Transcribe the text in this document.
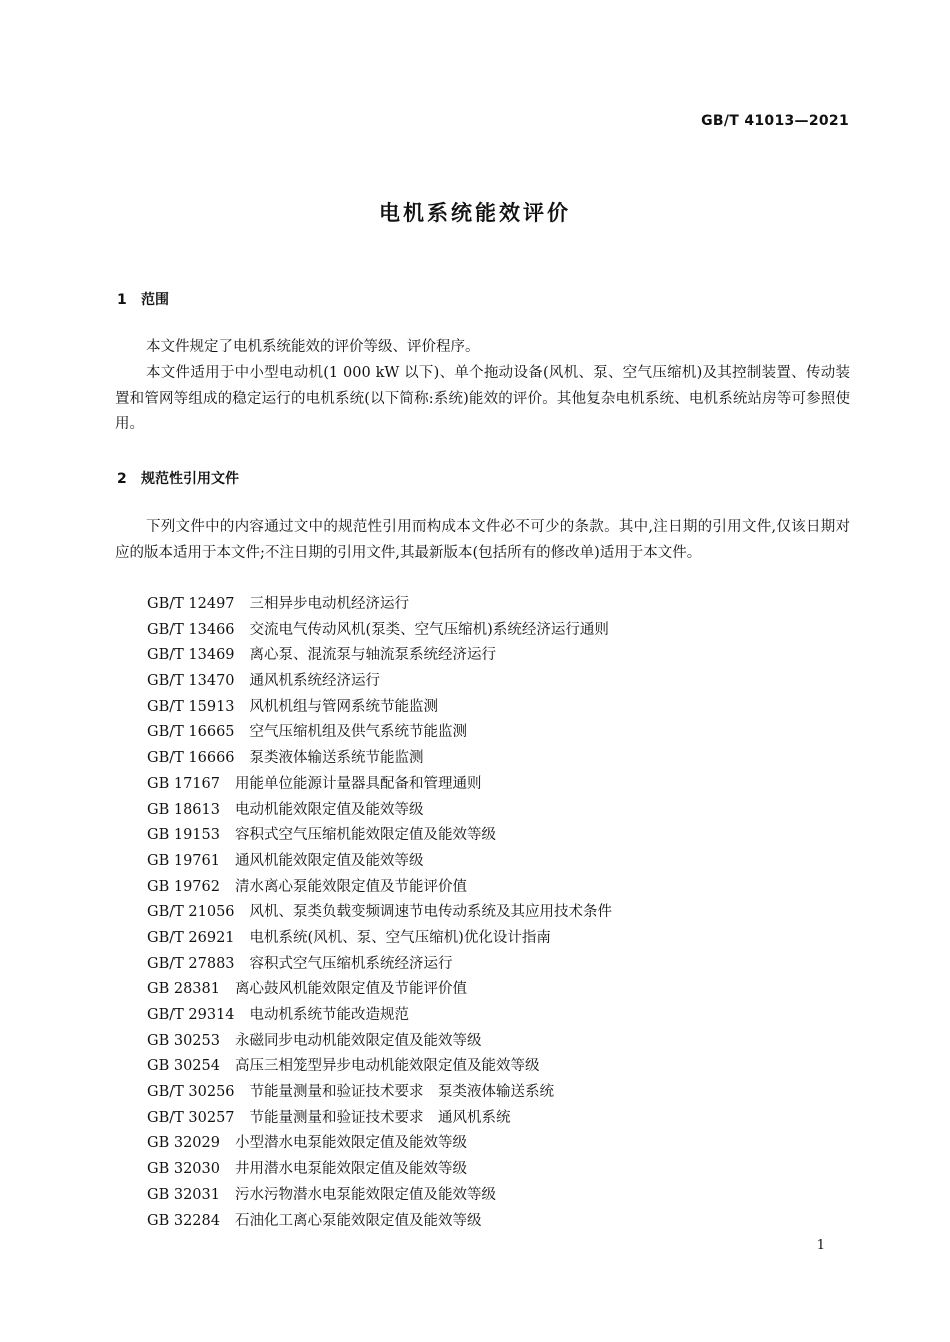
GB/T 41013—2021
电机系统能效评价
1 范围

本文件规定了电机系统能效的评价等级、评价程序。

本文件适用于中小型电动机(1 000 kW 以下)、单个拖动设备(风机、泵、空气压缩机)及其控制装置、传动装置和管网等组成的稳定运行的电机系统(以下简称:系统)能效的评价。其他复杂电机系统、电机系统站房等可参照使用。

2 规范性引用文件

下列文件中的内容通过文中的规范性引用而构成本文件必不可少的条款。其中,注日期的引用文件,仅该日期对应的版本适用于本文件;不注日期的引用文件,其最新版本(包括所有的修改单)适用于本文件。

GB/T 12497 三相异步电动机经济运行
GB/T 13466 交流电气传动风机(泵类、空气压缩机)系统经济运行通则
GB/T 13469 离心泵、混流泵与轴流泵系统经济运行
GB/T 13470 通风机系统经济运行
GB/T 15913 风机机组与管网系统节能监测
GB/T 16665 空气压缩机组及供气系统节能监测
GB/T 16666 泵类液体输送系统节能监测
GB 17167 用能单位能源计量器具配备和管理通则
GB 18613 电动机能效限定值及能效等级
GB 19153 容积式空气压缩机能效限定值及能效等级
GB 19761 通风机能效限定值及能效等级
GB 19762 清水离心泵能效限定值及节能评价值
GB/T 21056 风机、泵类负载变频调速节电传动系统及其应用技术条件
GB/T 26921 电机系统(风机、泵、空气压缩机)优化设计指南
GB/T 27883 容积式空气压缩机系统经济运行
GB 28381 离心鼓风机能效限定值及节能评价值
GB/T 29314 电动机系统节能改造规范
GB 30253 永磁同步电动机能效限定值及能效等级
GB 30254 高压三相笼型异步电动机能效限定值及能效等级
GB/T 30256 节能量测量和验证技术要求　泵类液体输送系统
GB/T 30257 节能量测量和验证技术要求　通风机系统
GB 32029 小型潜水电泵能效限定值及能效等级
GB 32030 井用潜水电泵能效限定值及能效等级
GB 32031 污水污物潜水电泵能效限定值及能效等级
GB 32284 石油化工离心泵能效限定值及能效等级
1
